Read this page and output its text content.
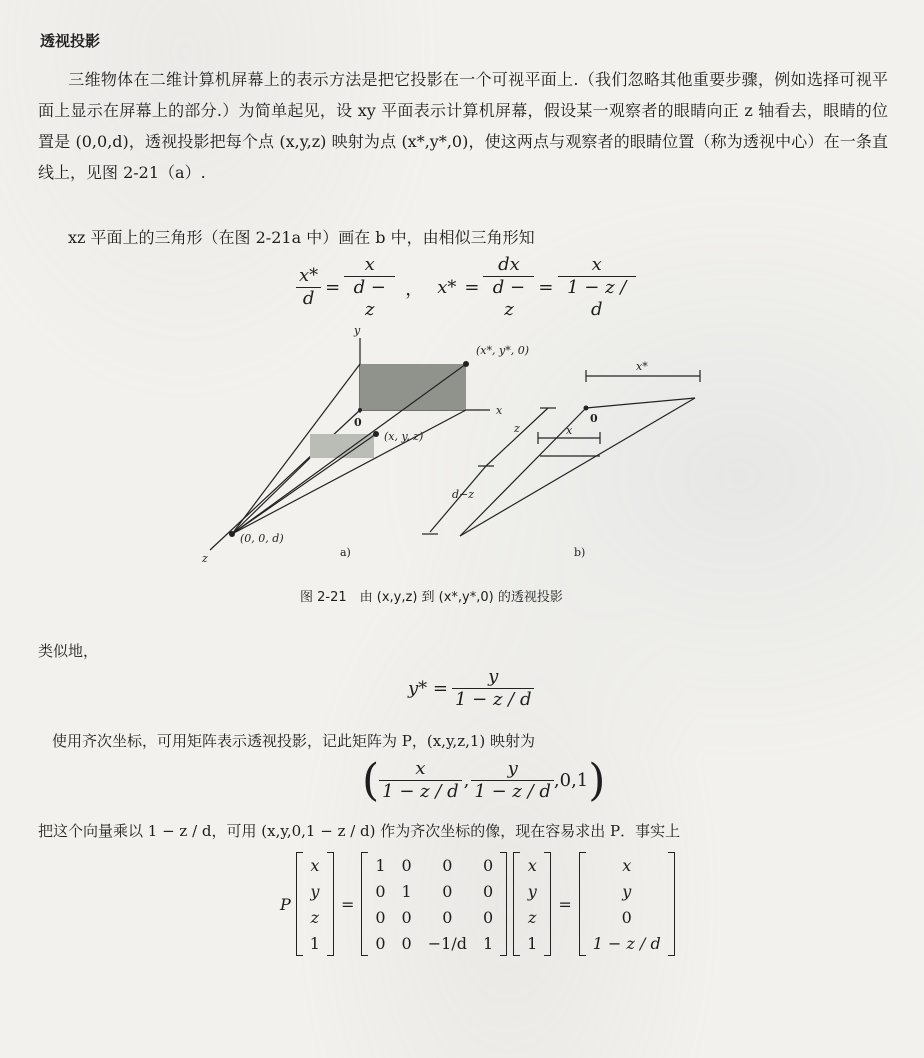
透视投影
三维物体在二维计算机屏幕上的表示方法是把它投影在一个可视平面上.（我们忽略其他重要步骤，例如选择可视平面上显示在屏幕上的部分.）为简单起见，设 xy 平面表示计算机屏幕，假设某一观察者的眼睛向正 z 轴看去，眼睛的位置是 (0,0,d)，透视投影把每个点 (x,y,z) 映射为点 (x*,y*,0)，使这两点与观察者的眼睛位置（称为透视中心）在一条直线上，见图 2-21（a）.
xz 平面上的三角形（在图 2-21a 中）画在 b 中，由相似三角形知
$\frac{x*}{d} = \frac{x}{d - z}$ ， $x* = \frac{dx}{d - z} = \frac{x}{1 - z / d}$
y
x
z
0
(x*, y*, 0)
(x, y, z)
(0, 0, d)
a)
x*
x
z
d−z
0
b)
图 2-21　由 (x,y,z) 到 (x*,y*,0) 的透视投影
类似地，
$y* = \frac{y}{1 - z / d}$
使用齐次坐标，可用矩阵表示透视投影，记此矩阵为 P，(x,y,z,1) 映射为
( $\frac{x}{1 - z / d}$ , $\frac{y}{1 - z / d} ,0,1$ )
把这个向量乘以 1 − z / d，可用 (x,y,0,1 − z / d) 作为齐次坐标的像，现在容易求出 P．事实上
P
x
y
z
1
=
1	0	0	0
0	1	0	0
0	0	0	0
0	0	−1/d	1
x
y
z
1
=
x
y
0
1 − z / d
